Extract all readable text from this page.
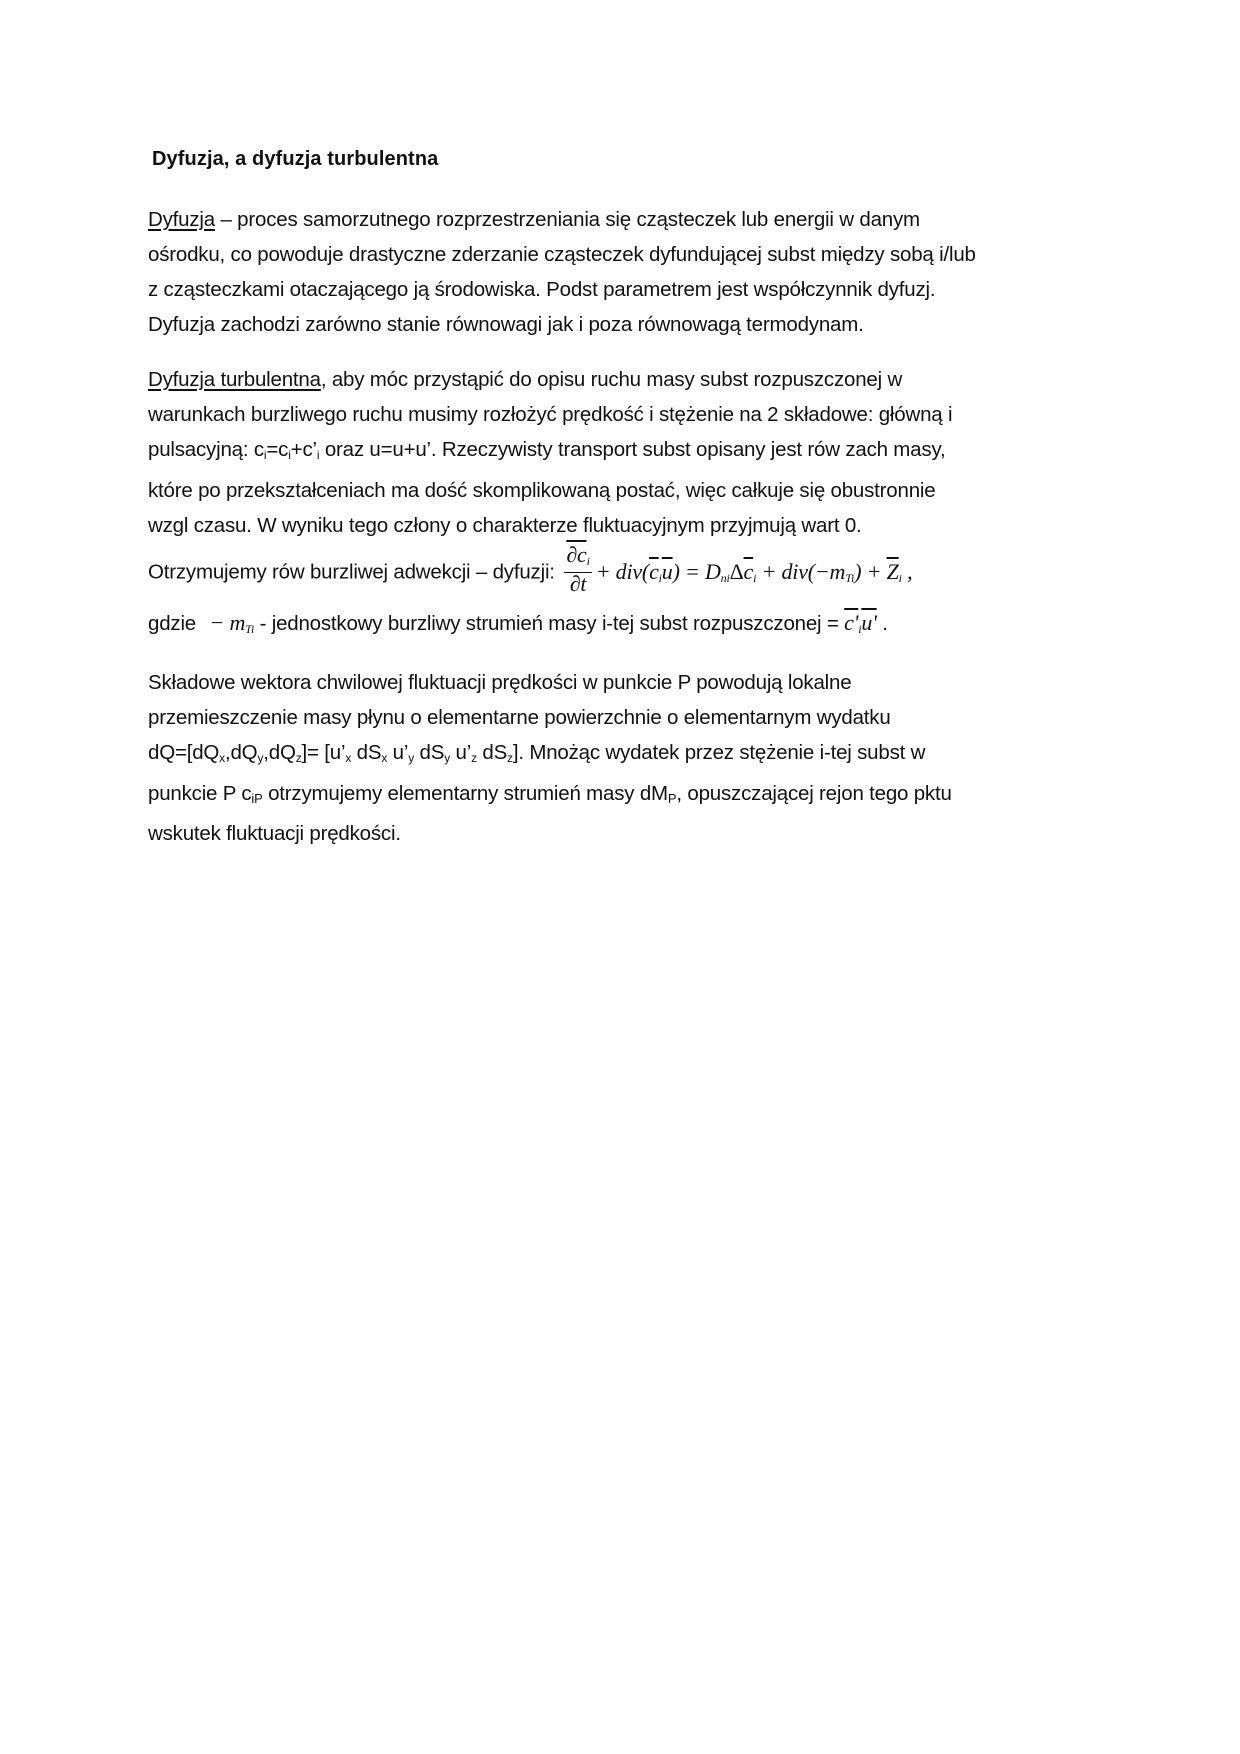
Dyfuzja, a dyfuzja turbulentna
Dyfuzja – proces samorzutnego rozprzestrzeniania się cząsteczek lub energii w danym
ośrodku, co powoduje drastyczne zderzanie cząsteczek dyfundującej subst między sobą i/lub
z cząsteczkami otaczającego ją środowiska. Podst parametrem jest współczynnik dyfuzj.
Dyfuzja zachodzi zarówno stanie równowagi jak i poza równowagą termodynam.
Dyfuzja turbulentna, aby móc przystąpić do opisu ruchu masy subst rozpuszczonej w
warunkach burzliwego ruchu musimy rozłożyć prędkość i stężenie na 2 składowe: główną i
pulsacyjną: $c_i=c_i+c’_i$ oraz u=u+u’. Rzeczywisty transport subst opisany jest rów zach masy,
które po przekształceniach ma dość skomplikowaną postać, więc całkuje się obustronnie
wzgl czasu. W wyniku tego człony o charakterze fluktuacyjnym przyjmują wart 0.
Otrzymujemy rów burzliwej adwekcji – dyfuzji: $\frac{\partial c_i}{\partial t} + div(\overline{c}_i\overline{u}) = D_{ni}\Delta\overline{c}_i + div(-m_{Ti}) + \overline{Z}_i$ ,
gdzie − $m_{Ti}$ - jednostkowy burzliwy strumień masy i-tej subst rozpuszczonej = $c'_iu'$ .
Składowe wektora chwilowej fluktuacji prędkości w punkcie P powodują lokalne
przemieszczenie masy płynu o elementarne powierzchnie o elementarnym wydatku
$dQ=[dQ_x,dQ_y,dQ_z]=$ [$u’_x$ $dS_x$ $u’_y$ $dS_y$ $u’_z$ $dS_z$]. Mnożąc wydatek przez stężenie i-tej subst w
punkcie P $c_{iP}$ otrzymujemy elementarny strumień masy $dM_P$, opuszczającej rejon tego pktu
wskutek fluktuacji prędkości.
